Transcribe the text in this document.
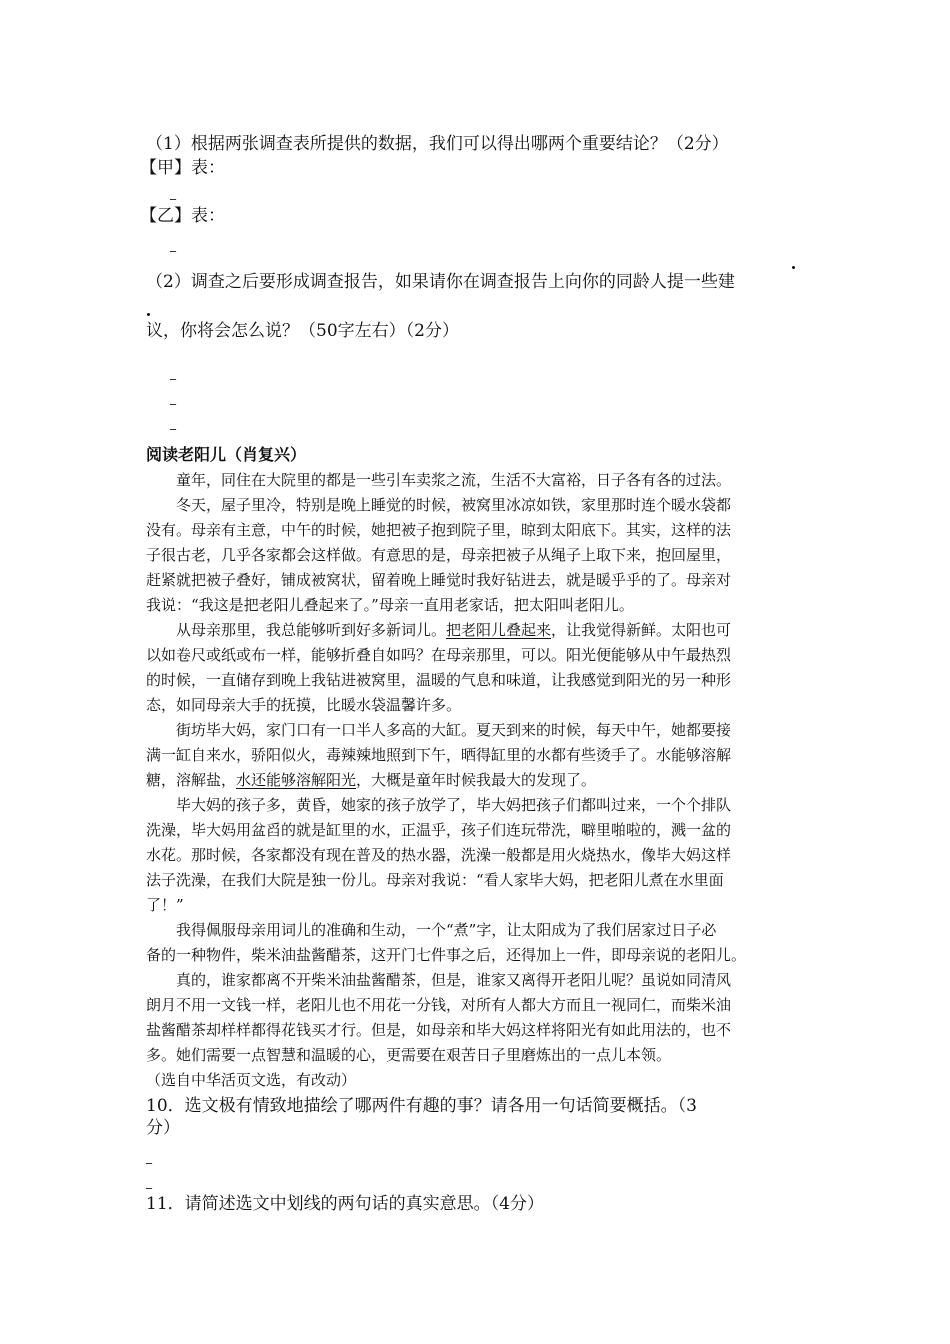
（1）根据两张调查表所提供的数据，我们可以得出哪两个重要结论？（2分）
【甲】表：
_
【乙】表：
_
（2）调查之后要形成调查报告，如果请你在调查报告上向你的同龄人提一些建
议，你将会怎么说？（50字左右）（2分）
_
_
_
阅读老阳儿（肖复兴）
童年，同住在大院里的都是一些引车卖浆之流，生活不大富裕，日子各有各的过法。
冬天，屋子里冷，特别是晚上睡觉的时候，被窝里冰凉如铁，家里那时连个暖水袋都
没有。母亲有主意，中午的时候，她把被子抱到院子里，晾到太阳底下。其实，这样的法
子很古老，几乎各家都会这样做。有意思的是，母亲把被子从绳子上取下来，抱回屋里，
赶紧就把被子叠好，铺成被窝状，留着晚上睡觉时我好钻进去，就是暖乎乎的了。母亲对
我说：“我这是把老阳儿叠起来了。”母亲一直用老家话，把太阳叫老阳儿。
从母亲那里，我总能够听到好多新词儿。把老阳儿叠起来，让我觉得新鲜。太阳也可
以如卷尺或纸或布一样，能够折叠自如吗？在母亲那里，可以。阳光便能够从中午最热烈
的时候，一直储存到晚上我钻进被窝里，温暖的气息和味道，让我感觉到阳光的另一种形
态，如同母亲大手的抚摸，比暖水袋温馨许多。
街坊毕大妈，家门口有一口半人多高的大缸。夏天到来的时候，每天中午，她都要接
满一缸自来水，骄阳似火，毒辣辣地照到下午，晒得缸里的水都有些烫手了。水能够溶解
糖，溶解盐，水还能够溶解阳光，大概是童年时候我最大的发现了。
毕大妈的孩子多，黄昏，她家的孩子放学了，毕大妈把孩子们都叫过来，一个个排队
洗澡，毕大妈用盆舀的就是缸里的水，正温乎，孩子们连玩带洗，噼里啪啦的，溅一盆的
水花。那时候，各家都没有现在普及的热水器，洗澡一般都是用火烧热水，像毕大妈这样
法子洗澡，在我们大院是独一份儿。母亲对我说：“看人家毕大妈，把老阳儿煮在水里面
了！”
我得佩服母亲用词儿的准确和生动，一个“煮”字，让太阳成为了我们居家过日子必
备的一种物件，柴米油盐酱醋茶，这开门七件事之后，还得加上一件，即母亲说的老阳儿。
真的，谁家都离不开柴米油盐酱醋茶，但是，谁家又离得开老阳儿呢？虽说如同清风
朗月不用一文钱一样，老阳儿也不用花一分钱，对所有人都大方而且一视同仁，而柴米油
盐酱醋茶却样样都得花钱买才行。但是，如母亲和毕大妈这样将阳光有如此用法的，也不
多。她们需要一点智慧和温暖的心，更需要在艰苦日子里磨炼出的一点儿本领。
（选自中华活页文选，有改动）
10．选文极有情致地描绘了哪两件有趣的事？请各用一句话简要概括。（3
分）
_
_
11．请简述选文中划线的两句话的真实意思。（4分）
